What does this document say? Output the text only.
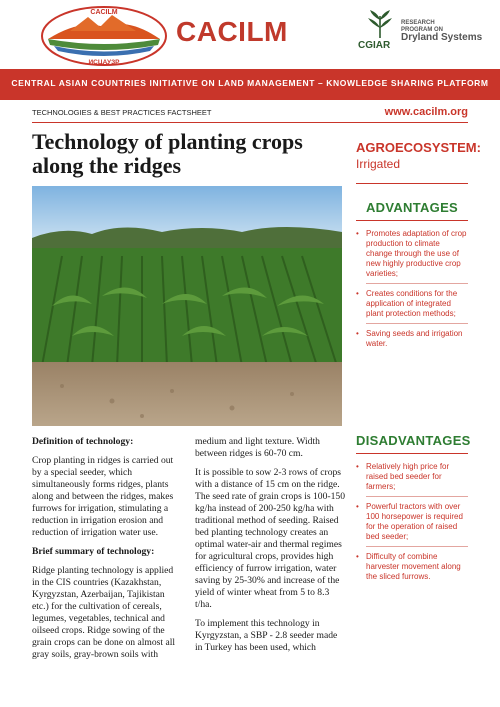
CACILM
ИСЦАУЗР
CACILM	CGIAR
RESEARCH
PROGRAM ON
Dryland Systems
CENTRAL ASIAN COUNTRIES INITIATIVE ON LAND MANAGEMENT – KNOWLEDGE SHARING PLATFORM
TECHNOLOGIES & BEST PRACTICES FACTSHEET	www.cacilm.org
Technology of planting crops
along the ridges
AGROECOSYSTEM:
Irrigated
ADVANTAGES
• Promotes adaptation of crop production to climate change through the use of new highly productive crop varieties;
• Creates conditions for the application of integrated plant protection methods;
• Saving seeds and irrigation water.
DISADVANTAGES
• Relatively high price for raised bed seeder for farmers;
• Powerful tractors with over 100 horsepower is required for the operation of raised bed seeder;
• Difficulty of combine harvester movement along the sliced furrows.
Definition of technology:

Crop planting in ridges is carried out by a special seeder, which simultaneously forms ridges, plants along and between the ridges, makes furrows for irrigation, stimulating a reduction in irrigation erosion and reduction of irrigation water use.

Brief summary of technology:

Ridge planting technology is applied in the CIS countries (Kazakhstan, Kyrgyzstan, Azerbaijan, Tajikistan etc.) for the cultivation of cereals, legumes, vegetables, technical and oilseed crops. Ridge sowing of the grain crops can be done on almost all gray soils, gray-brown soils with

medium and light texture. Width between ridges is 60-70 cm.

It is possible to sow 2-3 rows of crops with a distance of 15 cm on the ridge. The seed rate of grain crops is 100-150 kg/ha instead of 200-250 kg/ha with traditional method of seeding. Raised bed planting technology creates an optimal water-air and thermal regimes for agricultural crops, provides high efficiency of furrow irrigation, water saving by 25-30% and increase of the yield of winter wheat from 5 to 8.3 t/ha.

To implement this technology in Kyrgyzstan, a SBP - 2.8 seeder made in Turkey has been used, which
